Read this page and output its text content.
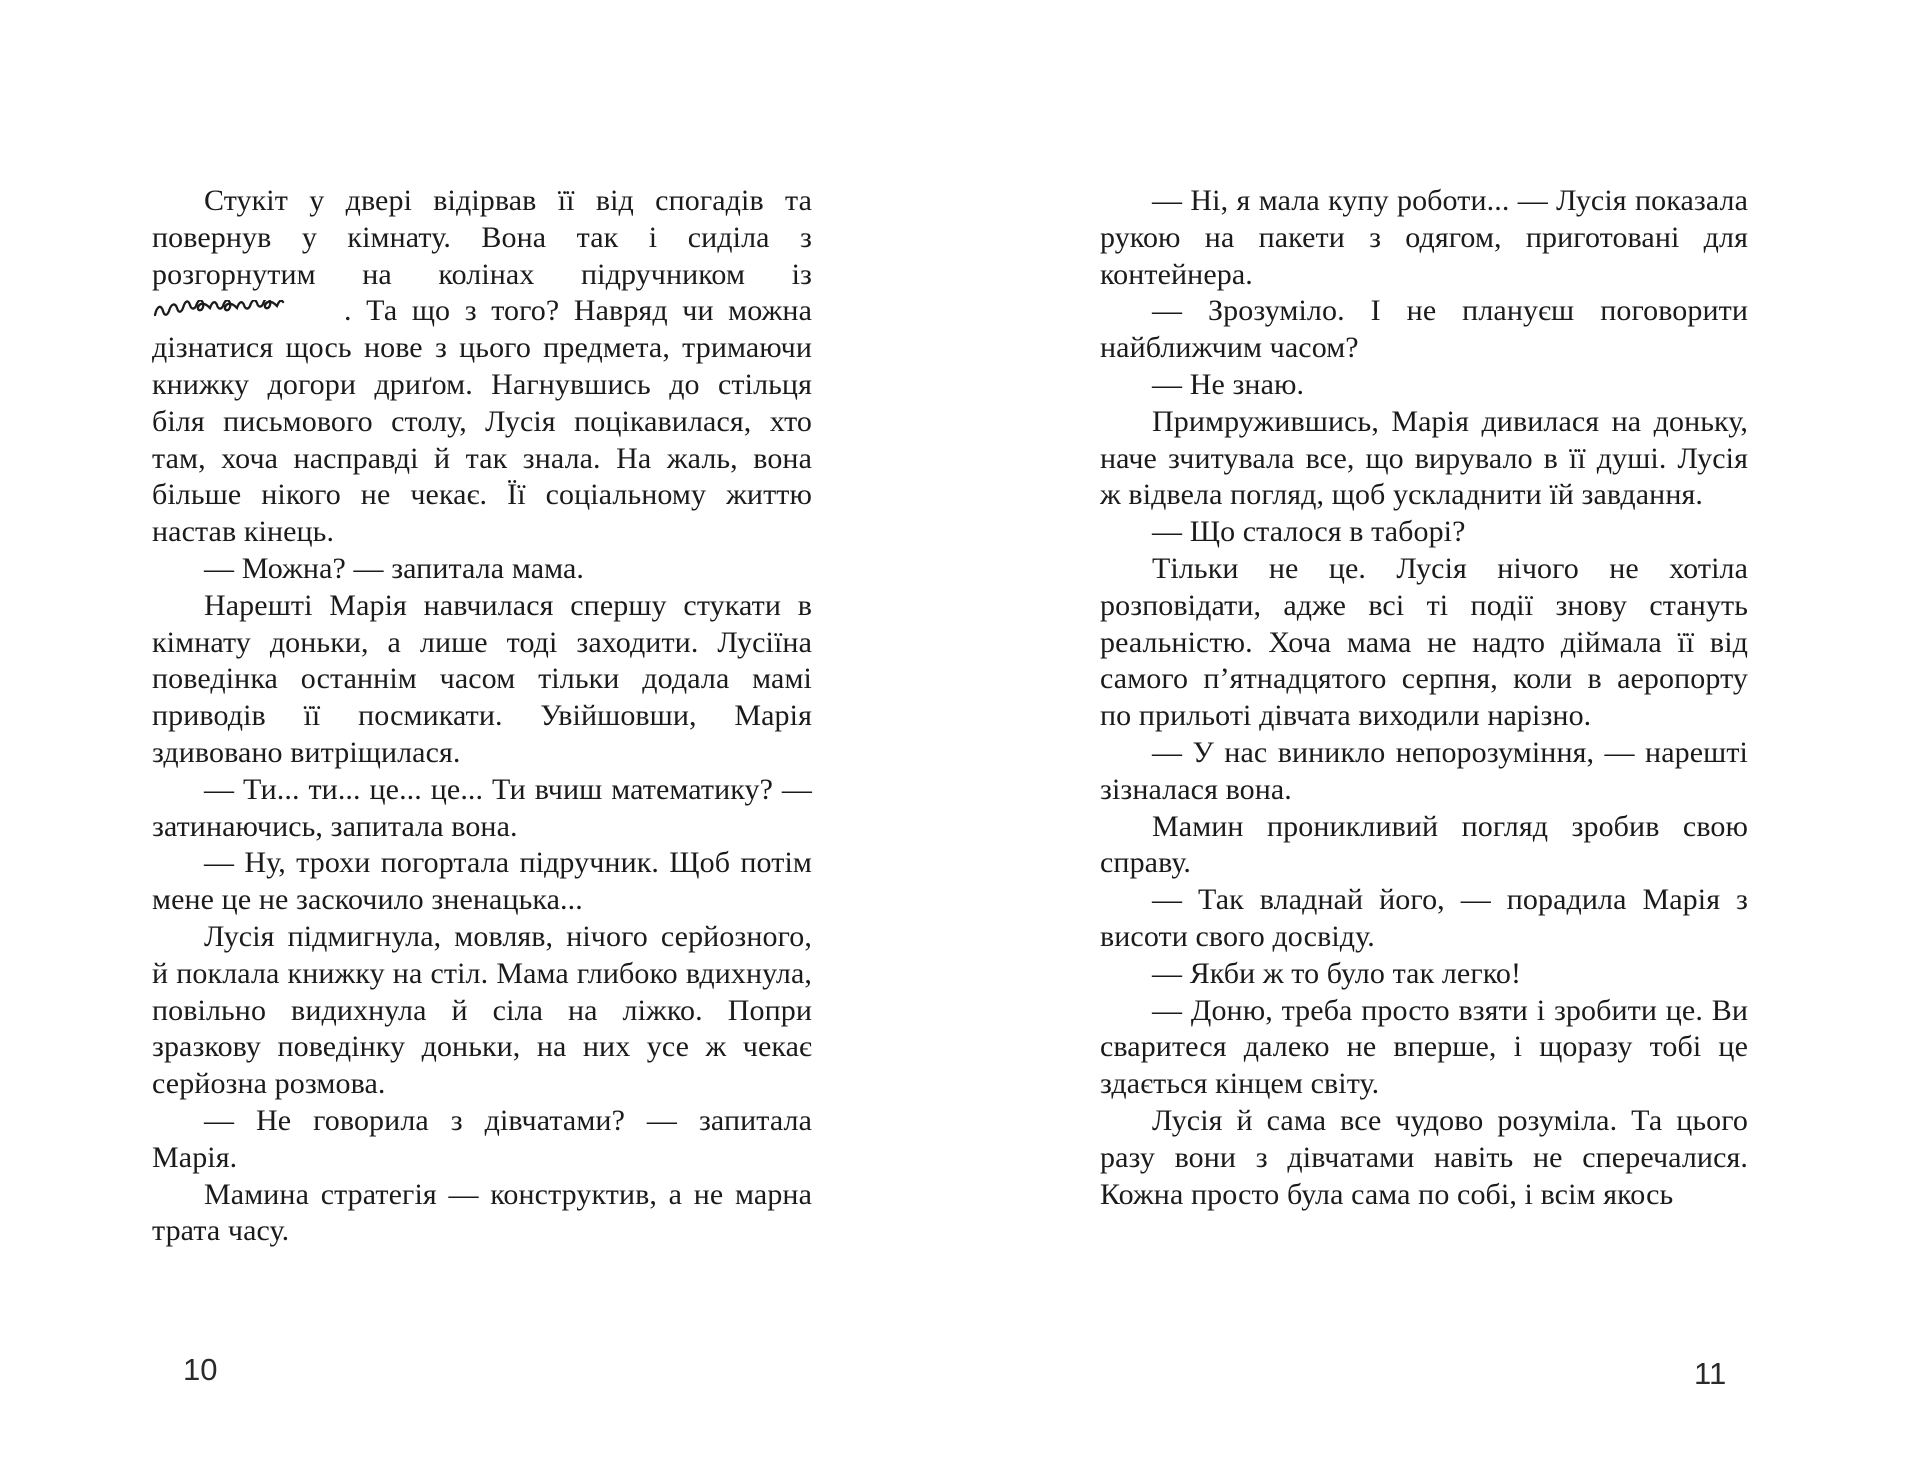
Стукіт у двері відірвав її від спогадів та повернув у кімнату. Вона так і сиділа з розгорнутим на колінах підручником із . Та що з того? Навряд чи можна дізнатися щось нове з цього предмета, тримаючи книжку догори дриґом. Нагнувшись до стільця біля письмового столу, Лусія поцікавилася, хто там, хоча насправді й так знала. На жаль, вона більше нікого не чекає. Її соціальному життю настав кінець.

— Можна? — запитала мама.

Нарешті Марія навчилася спершу стукати в кімнату доньки, а лише тоді заходити. Лусіїна поведінка останнім часом тільки додала мамі приводів її посмикати. Увійшовши, Марія здивовано витріщилася.

— Ти... ти... це... це... Ти вчиш математику? — затинаючись, запитала вона.

— Ну, трохи погортала підручник. Щоб потім мене це не заскочило зненацька...

Лусія підмигнула, мовляв, нічого серйозного, й поклала книжку на стіл. Мама глибоко вдихнула, повільно видихнула й сіла на ліжко. Попри зразкову поведінку доньки, на них усе ж чекає серйозна розмова.

— Не говорила з дівчатами? — запитала Марія.

Мамина стратегія — конструктив, а не марна трата часу.

10

— Ні, я мала купу роботи... — Лусія показала рукою на пакети з одягом, приготовані для контейнера.

— Зрозуміло. І не плануєш поговорити найближчим часом?

— Не знаю.

Примружившись, Марія дивилася на доньку, наче зчитувала все, що вирувало в її душі. Лусія ж відвела погляд, щоб ускладнити їй завдання.

— Що сталося в таборі?

Тільки не це. Лусія нічого не хотіла розповідати, адже всі ті події знову стануть реальністю. Хоча мама не надто діймала її від самого п’ятнадцятого серпня, коли в аеропорту по прильоті дівчата виходили нарізно.

— У нас виникло непорозуміння, — нарешті зізналася вона.

Мамин проникливий погляд зробив свою справу.

— Так владнай його, — порадила Марія з висоти свого досвіду.

— Якби ж то було так легко!

— Доню, треба просто взяти і зробити це. Ви сваритеся далеко не вперше, і щоразу тобі це здається кінцем світу.

Лусія й сама все чудово розуміла. Та цього разу вони з дівчатами навіть не сперечалися. Кожна просто була сама по собі, і всім якось

11
